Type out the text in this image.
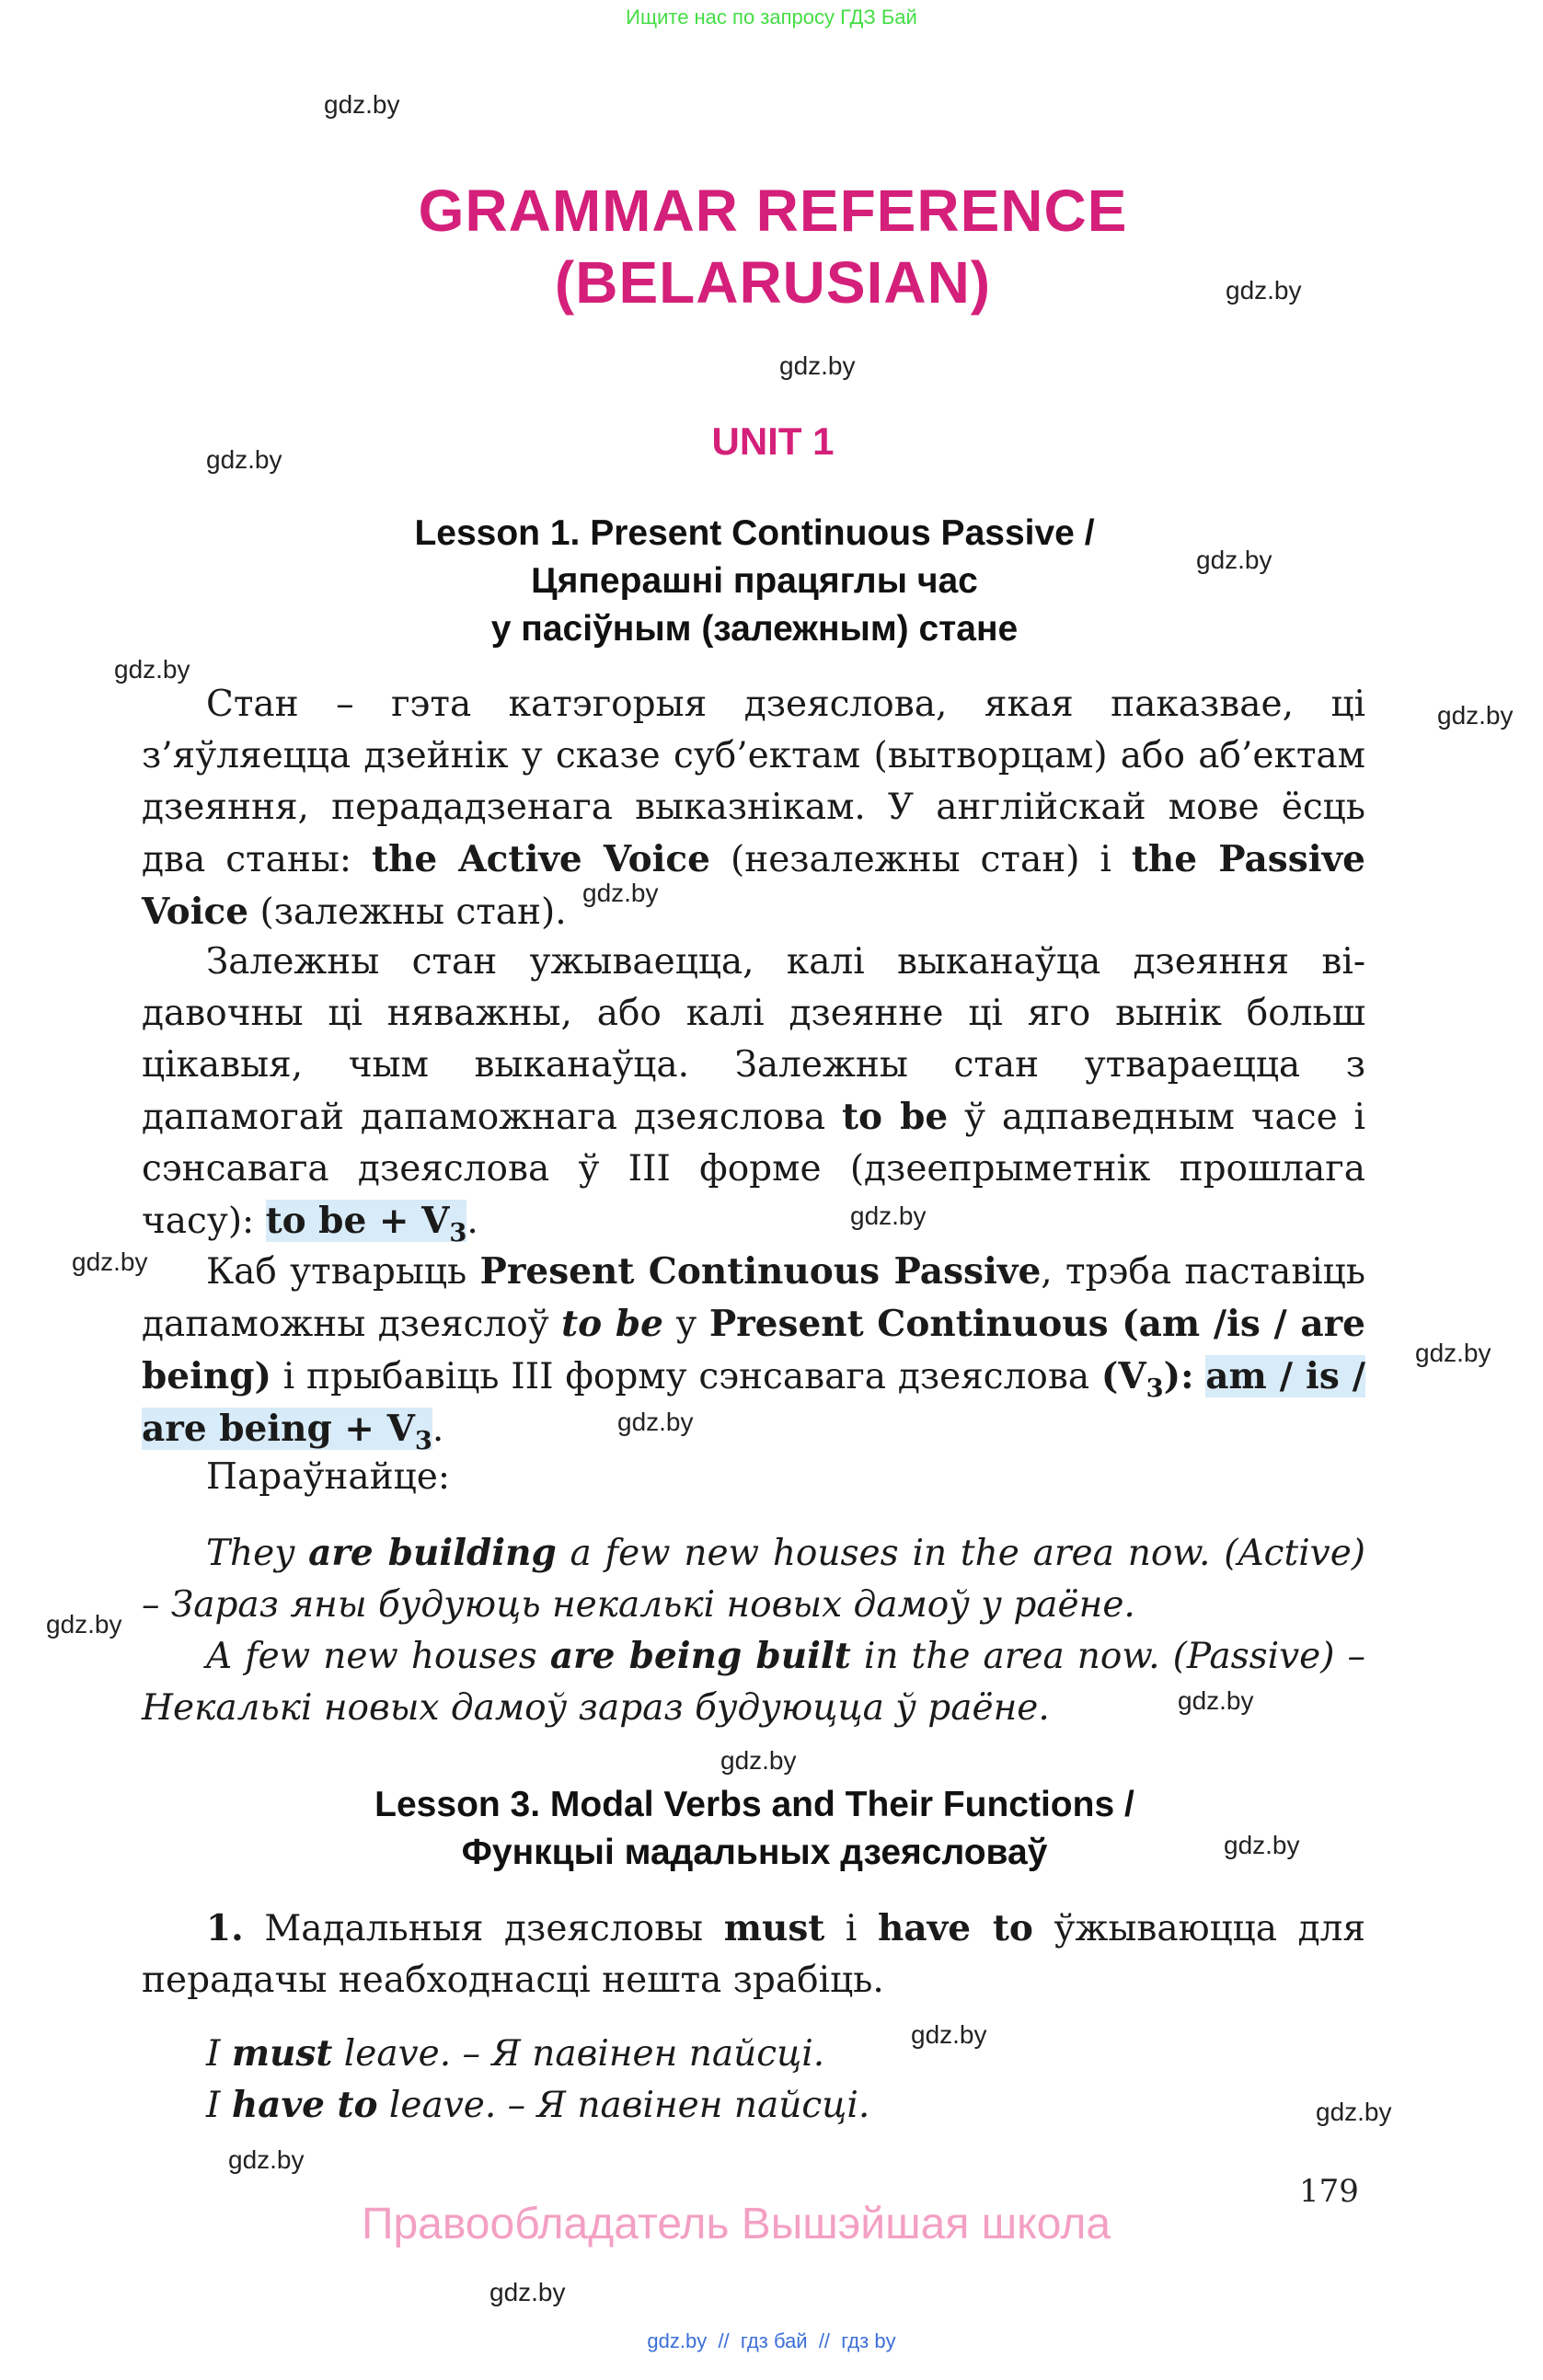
Ищите нас по запросу ГДЗ Бай
gdz.by
gdz.by
gdz.by
gdz.by
gdz.by
gdz.by
gdz.by
gdz.by
gdz.by
gdz.by
gdz.by
gdz.by
gdz.by
gdz.by
gdz.by
gdz.by
gdz.by
gdz.by
gdz.by
gdz.by
GRAMMAR REFERENCE
(BELARUSIAN)
UNIT 1
Lesson 1. Present Continuous Passive /
Цяперашні працяглы час
у пасіўным (залежным) стане
Стан – гэта катэгорыя дзеяслова, якая паказвае, ці з’яўляецца дзейнік у сказе суб’ектам (вытворцам) або аб’ектам дзеяння, перададзенага выказнікам. У англійскай мове ёсць два станы: the Active Voice (незалежны стан) і the Passive Voice (залежны стан).
Залежны стан ужываецца, калі выканаўца дзеяння відавочны ці няважны, або калі дзеянне ці яго вынік больш цікавыя, чым выканаўца. Залежны стан утвараецца з дапамогай дапаможнага дзеяслова to be ў адпаведным часе і сэнсавага дзеяслова ў III форме (дзеепрыметнік прошлага часу): to be + $V_3$.
Каб утварыць Present Continuous Passive, трэба паставіць дапаможны дзеяслоў to be у Present Continuous (am /is / are being) і прыбавіць III форму сэнсавага дзеяслова $(V_3)$: am / is / are being + $V_3$.
Параўнайце:
They are building a few new houses in the area now. (Active) – Зараз яны будуюць некалькі новых дамоў у раёне.
A few new houses are being built in the area now. (Passive) – Некалькі новых дамоў зараз будуюцца ў раёне.
Lesson 3. Modal Verbs and Their Functions /
Функцыі мадальных дзеясловаў
1. Мадальныя дзеясловы must і have to ўжываюцца для перадачы неабходнасці нешта зрабіць.
I must leave. – Я павінен пайсці.
I have to leave. – Я павінен пайсці.
179
Правообладатель Вышэйшая школа
gdz.by  //  гдз бай  //  гдз by
